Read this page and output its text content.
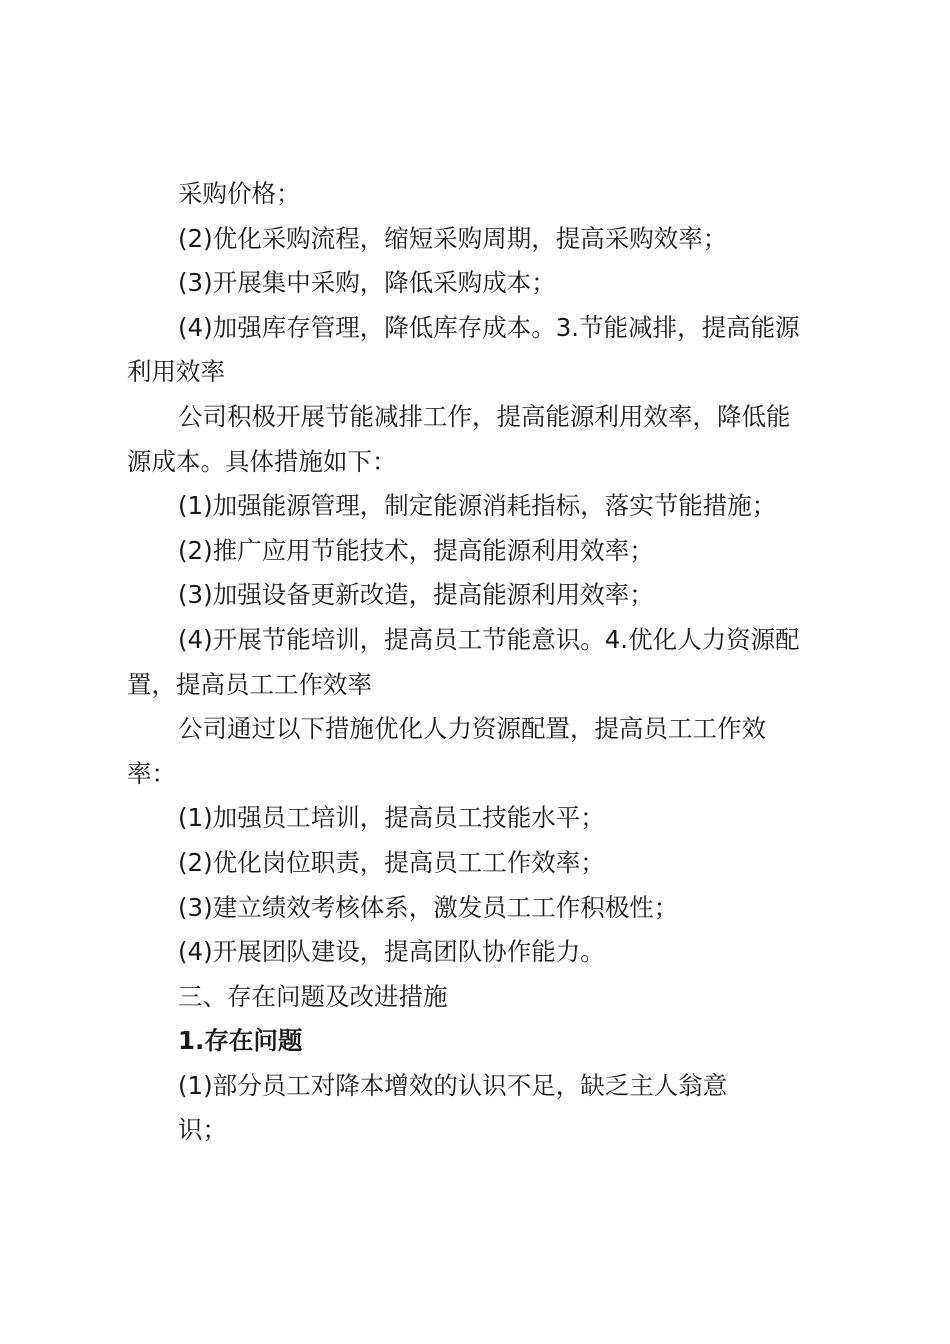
采购价格；
(2)优化采购流程，缩短采购周期，提高采购效率；
(3)开展集中采购，降低采购成本；
(4)加强库存管理，降低库存成本。3.节能减排，提高能源
利用效率
公司积极开展节能减排工作，提高能源利用效率，降低能
源成本。具体措施如下：
(1)加强能源管理，制定能源消耗指标，落实节能措施；
(2)推广应用节能技术，提高能源利用效率；
(3)加强设备更新改造，提高能源利用效率；
(4)开展节能培训，提高员工节能意识。4.优化人力资源配
置，提高员工工作效率
公司通过以下措施优化人力资源配置，提高员工工作效
率：
(1)加强员工培训，提高员工技能水平；
(2)优化岗位职责，提高员工工作效率；
(3)建立绩效考核体系，激发员工工作积极性；
(4)开展团队建设，提高团队协作能力。
三、存在问题及改进措施
1.存在问题
(1)部分员工对降本增效的认识不足，缺乏主人翁意
识；
